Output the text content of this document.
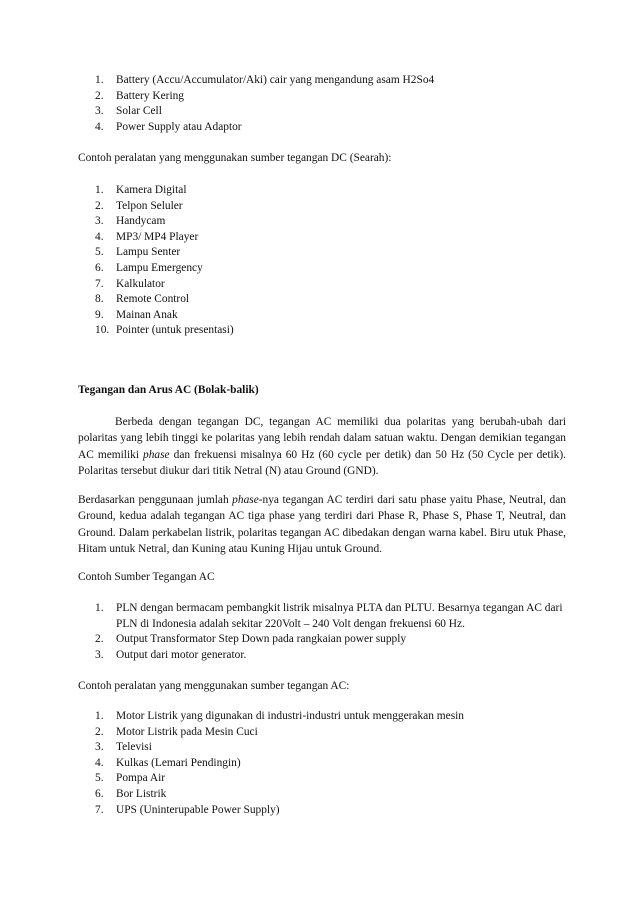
1. Battery (Accu/Accumulator/Aki) cair yang mengandung asam H2So4
2. Battery Kering
3. Solar Cell
4. Power Supply atau Adaptor

Contoh peralatan yang menggunakan sumber tegangan DC (Searah):

1. Kamera Digital
2. Telpon Seluler
3. Handycam
4. MP3/ MP4 Player
5. Lampu Senter
6. Lampu Emergency
7. Kalkulator
8. Remote Control
9. Mainan Anak
10. Pointer (untuk presentasi)

Tegangan dan Arus AC (Bolak-balik)

Berbeda dengan tegangan DC, tegangan AC memiliki dua polaritas yang berubah-ubah dari polaritas yang lebih tinggi ke polaritas yang lebih rendah dalam satuan waktu. Dengan demikian tegangan AC memiliki phase dan frekuensi misalnya 60 Hz (60 cycle per detik) dan 50 Hz (50 Cycle per detik). Polaritas tersebut diukur dari titik Netral (N) atau Ground (GND).

Berdasarkan penggunaan jumlah phase-nya tegangan AC terdiri dari satu phase yaitu Phase, Neutral, dan Ground, kedua adalah tegangan AC tiga phase yang terdiri dari Phase R, Phase S, Phase T, Neutral, dan Ground. Dalam perkabelan listrik, polaritas tegangan AC dibedakan dengan warna kabel. Biru utuk Phase, Hitam untuk Netral, dan Kuning atau Kuning Hijau untuk Ground.

Contoh Sumber Tegangan AC

1. PLN dengan bermacam pembangkit listrik misalnya PLTA dan PLTU. Besarnya tegangan AC dari PLN di Indonesia adalah sekitar 220Volt – 240 Volt dengan frekuensi 60 Hz.
2. Output Transformator Step Down pada rangkaian power supply
3. Output dari motor generator.

Contoh peralatan yang menggunakan sumber tegangan AC:

1. Motor Listrik yang digunakan di industri-industri untuk menggerakan mesin
2. Motor Listrik pada Mesin Cuci
3. Televisi
4. Kulkas (Lemari Pendingin)
5. Pompa Air
6. Bor Listrik
7. UPS (Uninterupable Power Supply)
